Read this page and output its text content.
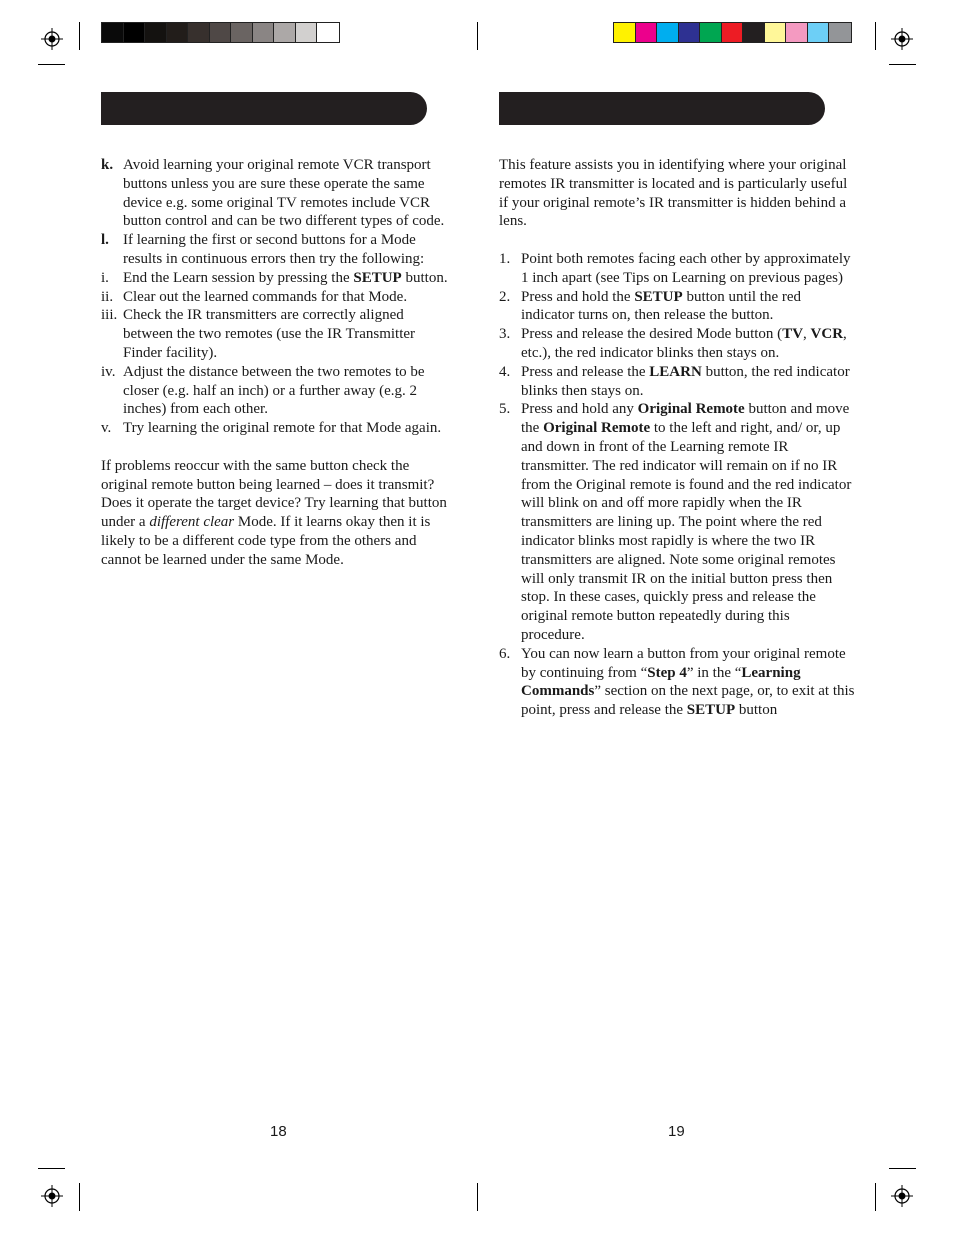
k. Avoid learning your original remote VCR transport buttons unless you are sure these operate the same device e.g. some original TV remotes include VCR button control and can be two different types of code.
l. If learning the first or second buttons for a Mode results in continuous errors then try the following:
i. End the Learn session by pressing the SETUP button.
ii. Clear out the learned commands for that Mode.
iii. Check the IR transmitters are correctly aligned between the two remotes (use the IR Transmitter Finder facility).
iv. Adjust the distance between the two remotes to be closer (e.g. half an inch) or a further away (e.g. 2 inches) from each other.
v. Try learning the original remote for that Mode again.

If problems reoccur with the same button check the original remote button being learned – does it transmit? Does it operate the target device? Try learning that button under a different clear Mode. If it learns okay then it is likely to be a different code type from the others and cannot be learned under the same Mode.

This feature assists you in identifying where your original remotes IR transmitter is located and is particularly useful if your original remote’s IR transmitter is hidden behind a lens.

1. Point both remotes facing each other by approximately 1 inch apart (see Tips on Learning on previous pages)
2. Press and hold the SETUP button until the red indicator turns on, then release the button.
3. Press and release the desired Mode button (TV, VCR, etc.), the red indicator blinks then stays on.
4. Press and release the LEARN button, the red indicator blinks then stays on.
5. Press and hold any Original Remote button and move the Original Remote to the left and right, and/ or, up and down in front of the Learning remote IR transmitter. The red indicator will remain on if no IR from the Original remote is found and the red indicator will blink on and off more rapidly when the IR transmitters are lining up. The point where the red indicator blinks most rapidly is where the two IR transmitters are aligned. Note some original remotes will only transmit IR on the initial button press then stop. In these cases, quickly press and release the original remote button repeatedly during this procedure.
6. You can now learn a button from your original remote by continuing from “Step 4” in the “Learning Commands” section on the next page, or, to exit at this point, press and release the SETUP button
18	19
